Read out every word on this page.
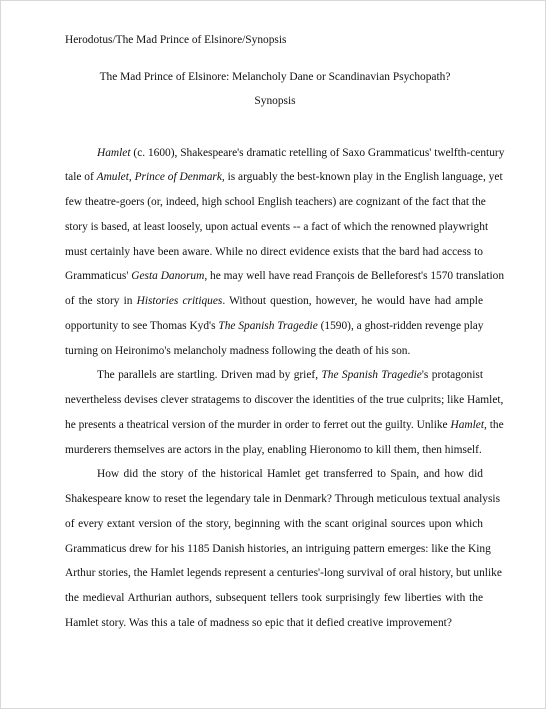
Herodotus/The Mad Prince of Elsinore/Synopsis
The Mad Prince of Elsinore: Melancholy Dane or Scandinavian Psychopath?
Synopsis
Hamlet (c. 1600), Shakespeare's dramatic retelling of Saxo Grammaticus' twelfth-century
tale of Amulet, Prince of Denmark, is arguably the best-known play in the English language, yet
few theatre-goers (or, indeed, high school English teachers) are cognizant of the fact that the
story is based, at least loosely, upon actual events -- a fact of which the renowned playwright
must certainly have been aware. While no direct evidence exists that the bard had access to
Grammaticus' Gesta Danorum, he may well have read François de Belleforest's 1570 translation
of the story in Histories critiques. Without question, however, he would have had ample
opportunity to see Thomas Kyd's The Spanish Tragedie (1590), a ghost-ridden revenge play
turning on Heironimo's melancholy madness following the death of his son.
The parallels are startling. Driven mad by grief, The Spanish Tragedie's protagonist
nevertheless devises clever stratagems to discover the identities of the true culprits; like Hamlet,
he presents a theatrical version of the murder in order to ferret out the guilty. Unlike Hamlet, the
murderers themselves are actors in the play, enabling Hieronomo to kill them, then himself.
How did the story of the historical Hamlet get transferred to Spain, and how did
Shakespeare know to reset the legendary tale in Denmark? Through meticulous textual analysis
of every extant version of the story, beginning with the scant original sources upon which
Grammaticus drew for his 1185 Danish histories, an intriguing pattern emerges: like the King
Arthur stories, the Hamlet legends represent a centuries'-long survival of oral history, but unlike
the medieval Arthurian authors, subsequent tellers took surprisingly few liberties with the
Hamlet story. Was this a tale of madness so epic that it defied creative improvement?
